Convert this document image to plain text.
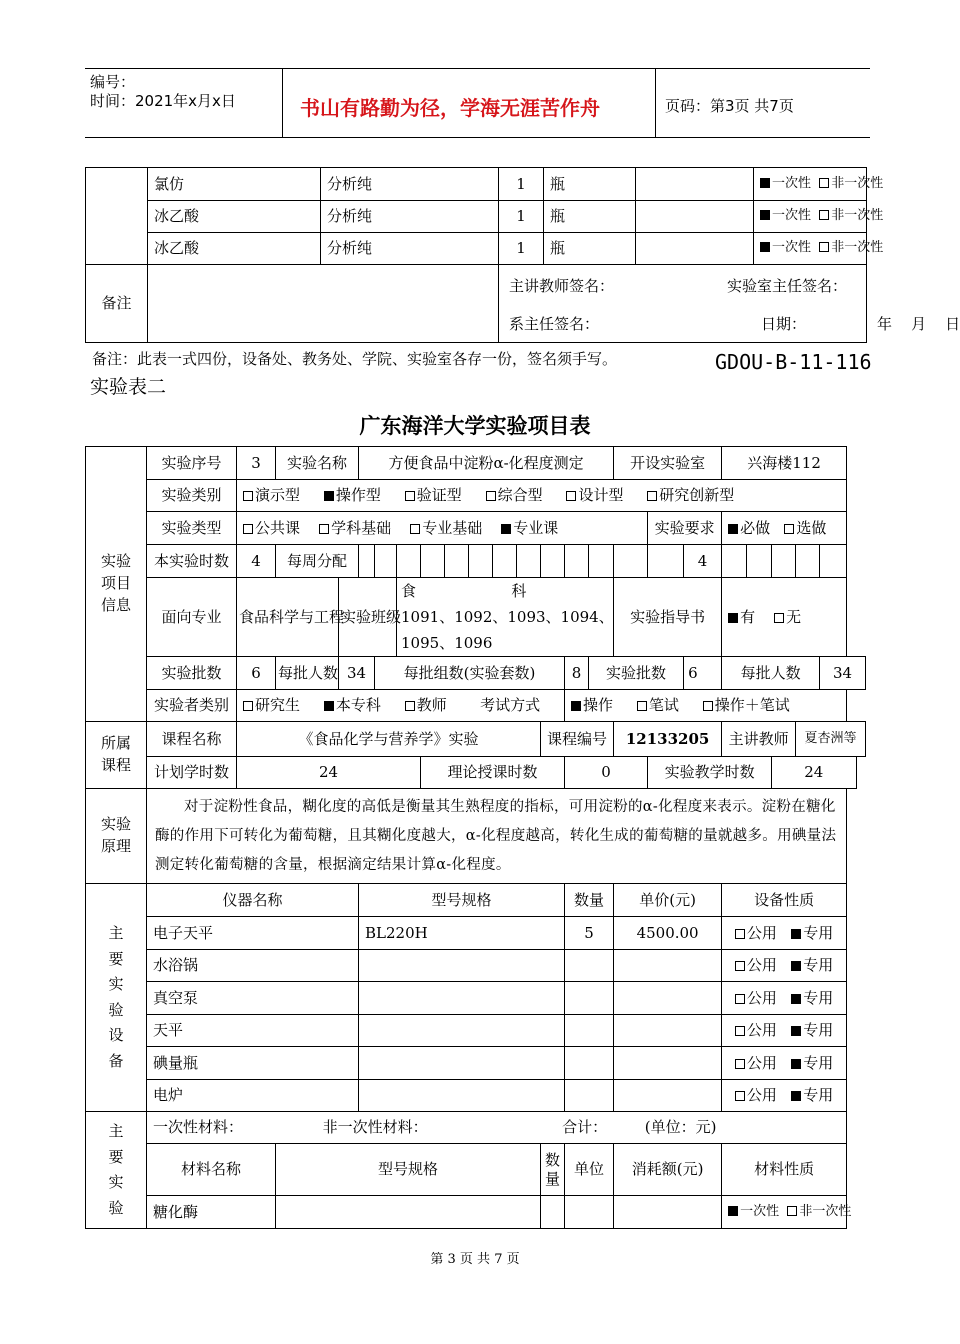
编号：
时间：2021年x月x日	书山有路勤为径，学海无涯苦作舟	页码：第3页 共7页
	氯仿	分析纯	1	瓶		一次性 非一次性
	冰乙酸	分析纯	1	瓶		一次性 非一次性
	冰乙酸	分析纯	1	瓶		一次性 非一次性
备注			主讲教师签名： 实验室主任签名：
系主任签名： 日期： 年    月    日			
备注：此表一式四份，设备处、教务处、学院、实验室各存一份，签名须手写。	GDOU-B-11-116
实验表二
广东海洋大学实验项目表
实验项目信息	实验序号	3	实验名称		方便食品中淀粉α-化程度测定											开设实验室			兴海楼112				
	实验类别	演示型 操作型 验证型 综合型 设计型 研究创新型																					
	实验类型	公共课 学科基础 专业基础 专业课															实验要求		必做 选做				
	本实验时数	4	每周分配															4					
	面向专业	食品科学与工程		实验班级			食                    科
1091、1092、1093、1094、
1095、1096									实验指导书			有 无				
	实验批数	6	每批人数	34		每批组数(实验套数)								8	实验批数			6	每批人数				34
	实验者类别	研究生 本专科 教师 考试方式												操作 笔试 操作＋笔试									

所属课程	课程名称	《食品化学与营养学》实验											课程编号			12133205			主讲教师			夏杏洲等	
	计划学时数	24						理论授课时数						0			实验教学时数				24		
实验原理	对于淀粉性食品，糊化度的高低是衡量其生熟程度的指标，可用淀粉的α-化程度来表示。淀粉在糖化酶的作用下可转化为葡萄糖，且其糊化度越大，α-化程度越高，转化生成的葡萄糖的量就越多。用碘量法测定转化葡萄糖的含量，根据滴定结果计算α-化程度。																						
主要实验设备	仪器名称				型号规格									数量		单价(元)			设备性质				
	电子天平				BL220H									5		4500.00			公用 专用				
	水浴锅																		公用 专用				
	真空泵																		公用 专用				
	天平																		公用 专用				
	碘量瓶																		公用 专用				
	电炉																		公用 专用				
主要实验	一次性材料： 非一次性材料： 合计： (单位：元)																						
	材料名称		型号规格										数量	单位		消耗额(元)			材料性质				
	糖化酶																		一次性 非一次性				
第 3 页 共 7 页
